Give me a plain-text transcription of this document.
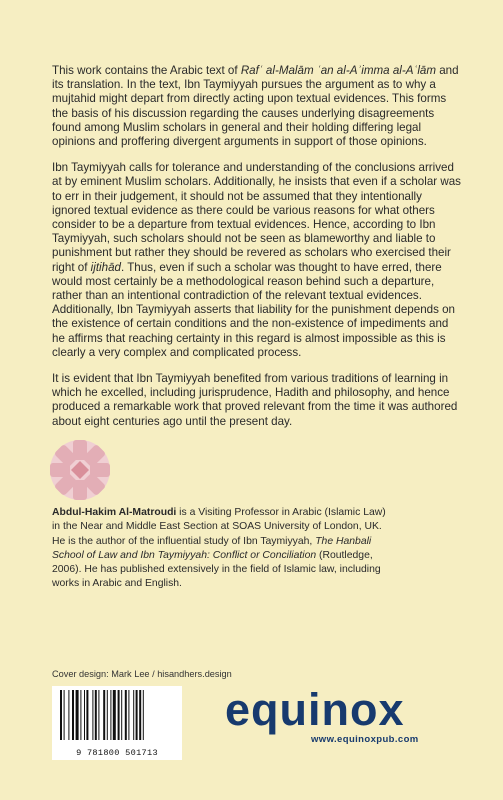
This work contains the Arabic text of Rafʿ al-Malām ʿan al-Aʾimma al-Aʿlām and its translation. In the text, Ibn Taymiyyah pursues the argument as to why a mujtahid might depart from directly acting upon textual evidences. This forms the basis of his discussion regarding the causes underlying disagreements found among Muslim scholars in general and their holding differing legal opinions and proffering divergent arguments in support of those opinions.

Ibn Taymiyyah calls for tolerance and understanding of the conclusions arrived at by eminent Muslim scholars. Additionally, he insists that even if a scholar was to err in their judgement, it should not be assumed that they intentionally ignored textual evidence as there could be various reasons for what others consider to be a departure from textual evidences. Hence, according to Ibn Taymiyyah, such scholars should not be seen as blameworthy and liable to punishment but rather they should be revered as scholars who exercised their right of ijtihād. Thus, even if such a scholar was thought to have erred, there would most certainly be a methodological reason behind such a departure, rather than an intentional contradiction of the relevant textual evidences. Additionally, Ibn Taymiyyah asserts that liability for the punishment depends on the existence of certain conditions and the non-existence of impediments and he affirms that reaching certainty in this regard is almost impossible as this is clearly a very complex and complicated process.

It is evident that Ibn Taymiyyah benefited from various traditions of learning in which he excelled, including jurisprudence, Hadith and philosophy, and hence produced a remarkable work that proved relevant from the time it was authored about eight centuries ago until the present day.

Abdul-Hakim Al-Matroudi is a Visiting Professor in Arabic (Islamic Law) in the Near and Middle East Section at SOAS University of London, UK. He is the author of the influential study of Ibn Taymiyyah, The Hanbali School of Law and Ibn Taymiyyah: Conflict or Conciliation (Routledge, 2006). He has published extensively in the field of Islamic law, including works in Arabic and English.
Cover design: Mark Lee / hisandhers.design
9 781800 501713
equinox
www.equinoxpub.com
